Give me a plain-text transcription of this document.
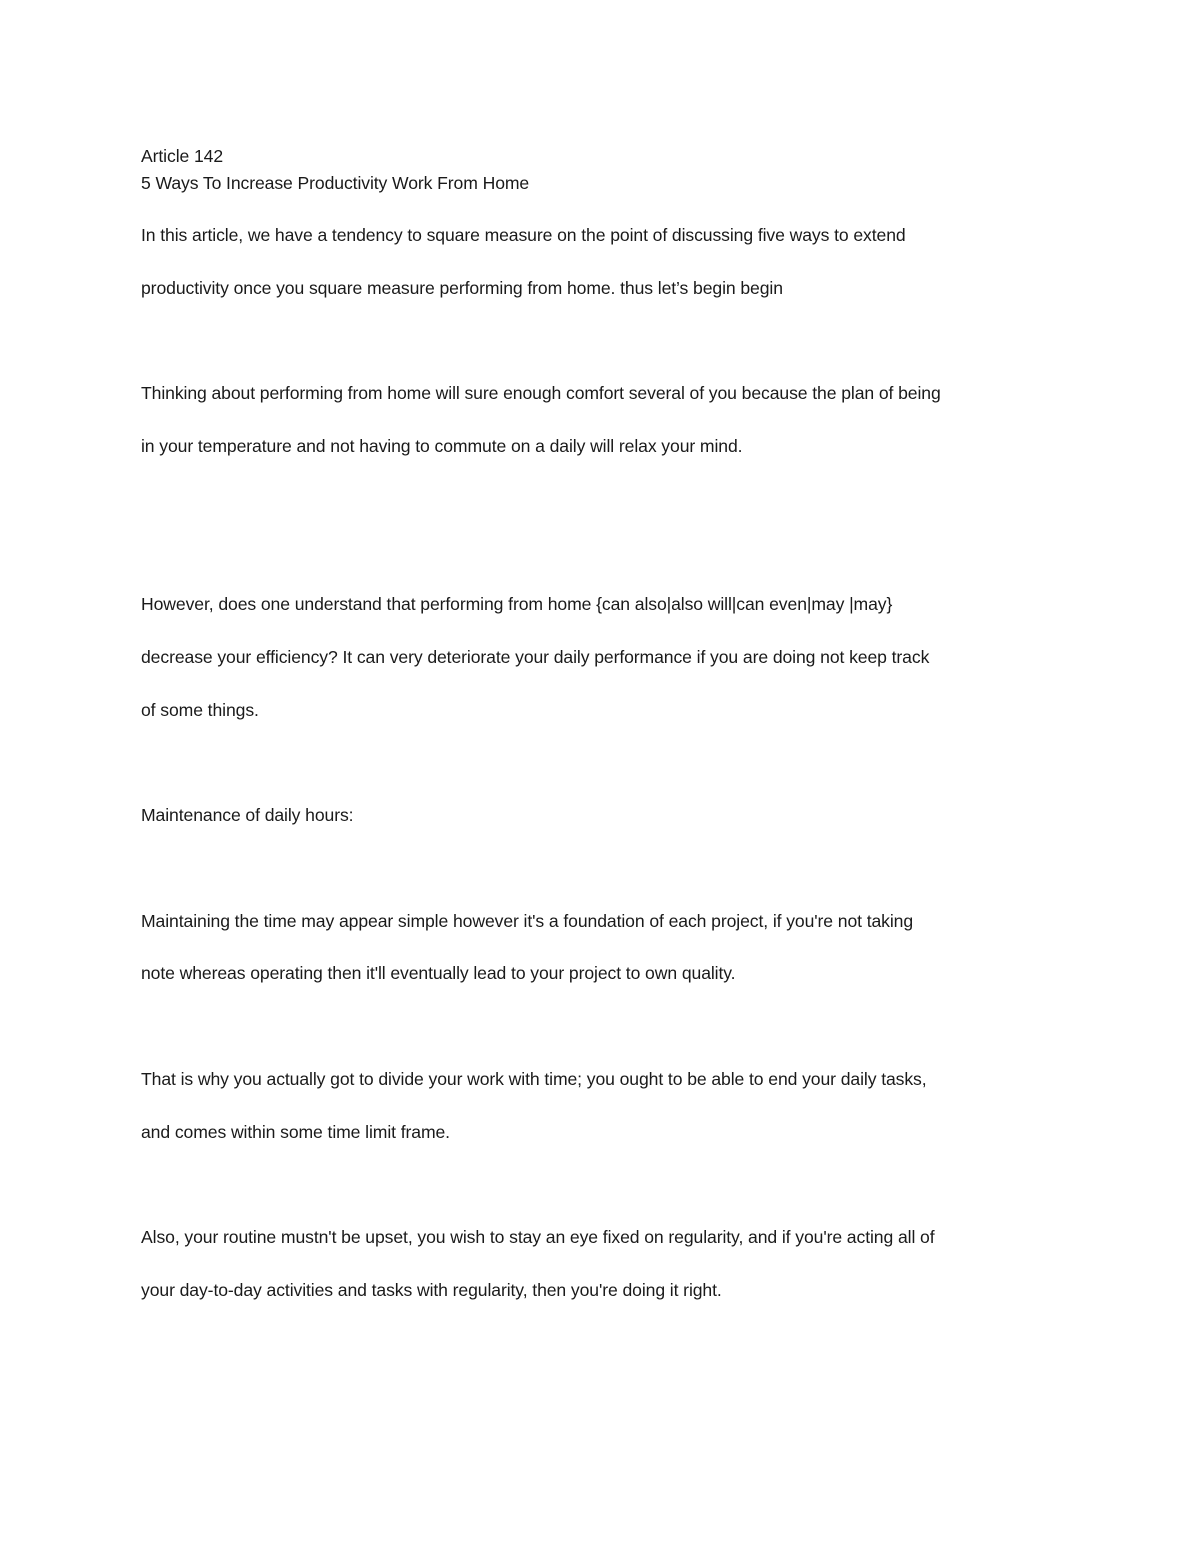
Article 142
5 Ways To Increase Productivity Work From Home
In this article, we have a tendency to square measure on the point of discussing five ways to extend
productivity once you square measure performing from home. thus let’s begin begin
Thinking about performing from home will sure enough comfort several of you because the plan of being
in your temperature and not having to commute on a daily will relax your mind.
However, does one understand that performing from home {can also|also will|can even|may |may}
decrease your efficiency? It can very deteriorate your daily performance if you are doing not keep track
of some things.
Maintenance of daily hours:
Maintaining the time may appear simple however it's a foundation of each project, if you're not taking
note whereas operating then it'll eventually lead to your project to own quality.
That is why you actually got to divide your work with time; you ought to be able to end your daily tasks,
and comes within some time limit frame.
Also, your routine mustn't be upset, you wish to stay an eye fixed on regularity, and if you're acting all of
your day-to-day activities and tasks with regularity, then you're doing it right.
